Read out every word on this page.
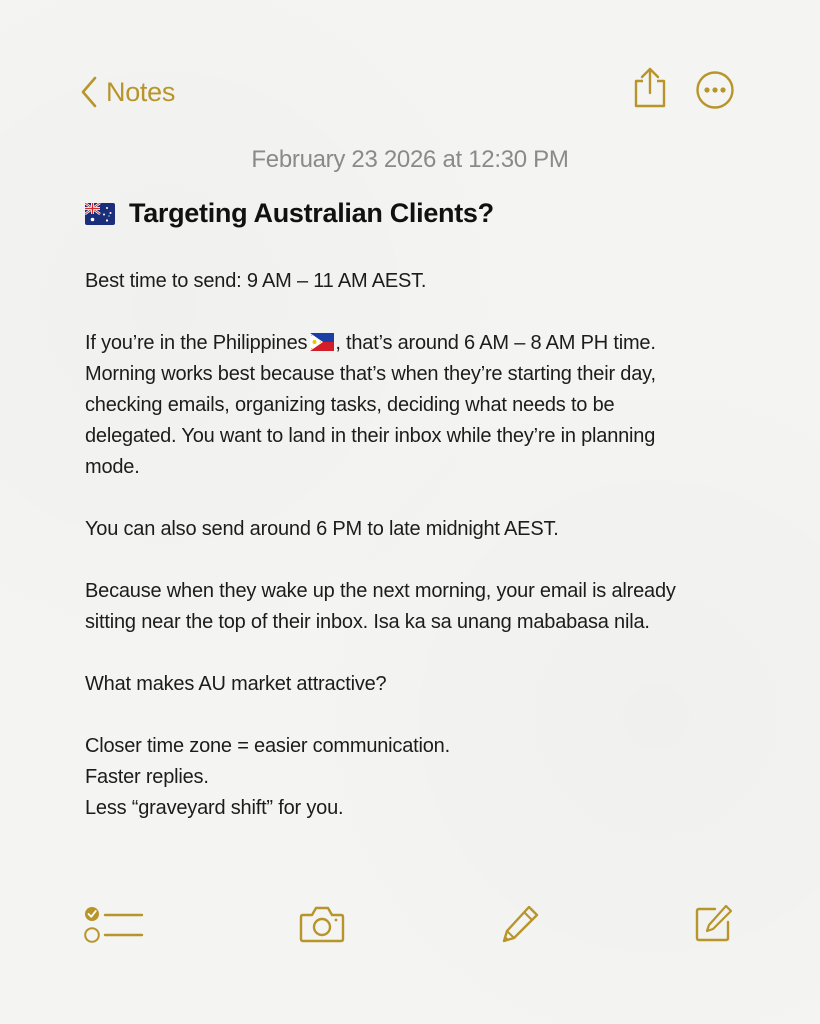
Notes
February 23 2026 at 12:30 PM
Targeting Australian Clients?

Best time to send: 9 AM – 11 AM AEST.

If you’re in the Philippines , that’s around 6 AM – 8 AM PH time.
Morning works best because that’s when they’re starting their day,
checking emails, organizing tasks, deciding what needs to be
delegated. You want to land in their inbox while they’re in planning
mode.

You can also send around 6 PM to late midnight AEST.

Because when they wake up the next morning, your email is already
sitting near the top of their inbox. Isa ka sa unang mababasa nila.

What makes AU market attractive?

Closer time zone = easier communication.
Faster replies.
Less “graveyard shift” for you.
